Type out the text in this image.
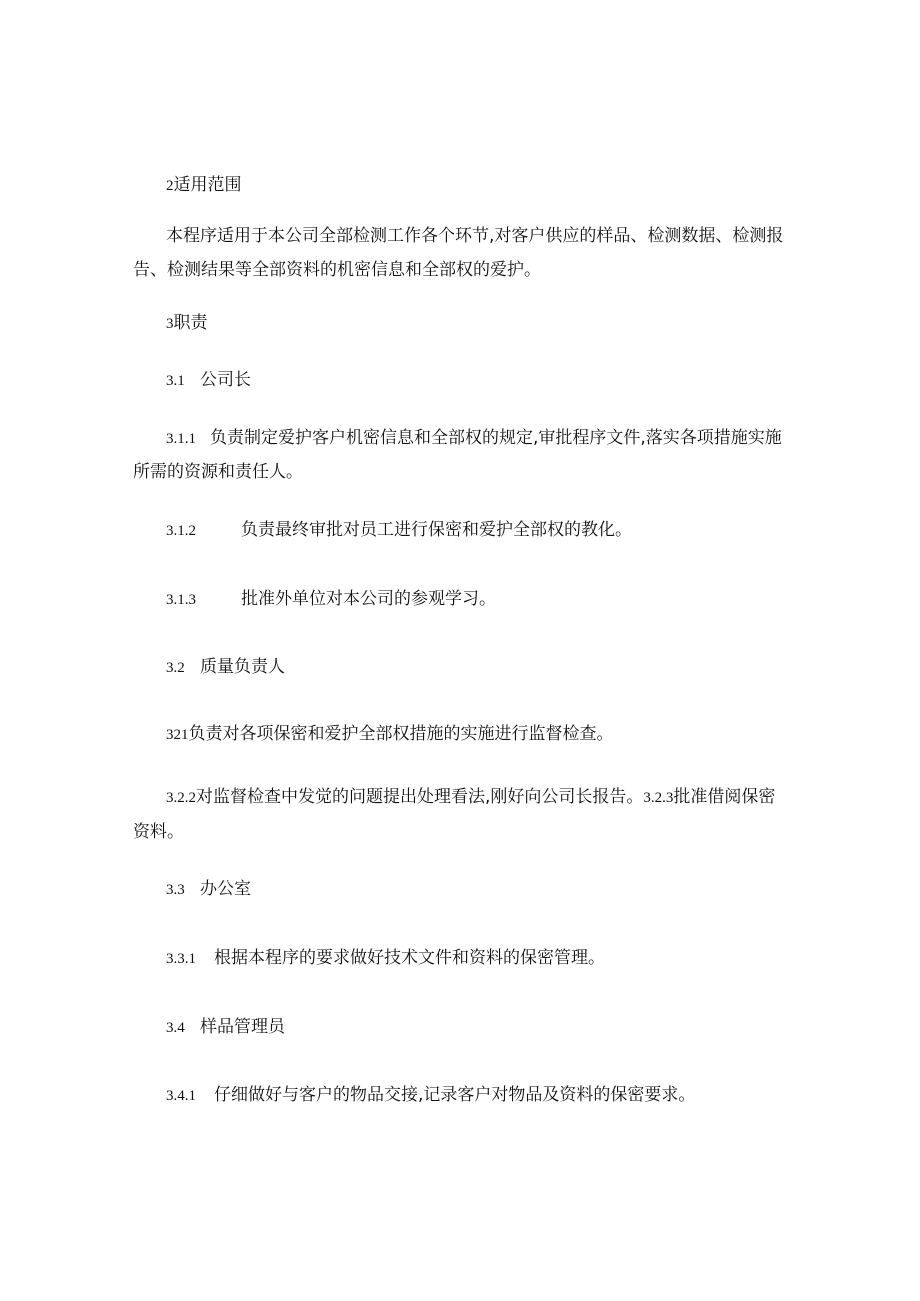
2适用范围

本程序适用于本公司全部检测工作各个环节,对客户供应的样品、检测数据、检测报

告、检测结果等全部资料的机密信息和全部权的爱护。

3职责

3.1 公司长

3.1.1 负责制定爱护客户机密信息和全部权的规定,审批程序文件,落实各项措施实施

所需的资源和责任人。

3.1.2	负责最终审批对员工进行保密和爱护全部权的教化。

3.1.3	批准外单位对本公司的参观学习。

3.2 质量负责人

321负责对各项保密和爱护全部权措施的实施进行监督检查。

3.2.2对监督检查中发觉的问题提出处理看法,刚好向公司长报告。3.2.3批准借阅保密

资料。

3.3 办公室

3.3.1 根据本程序的要求做好技术文件和资料的保密管理。

3.4 样品管理员

3.4.1 仔细做好与客户的物品交接,记录客户对物品及资料的保密要求。
